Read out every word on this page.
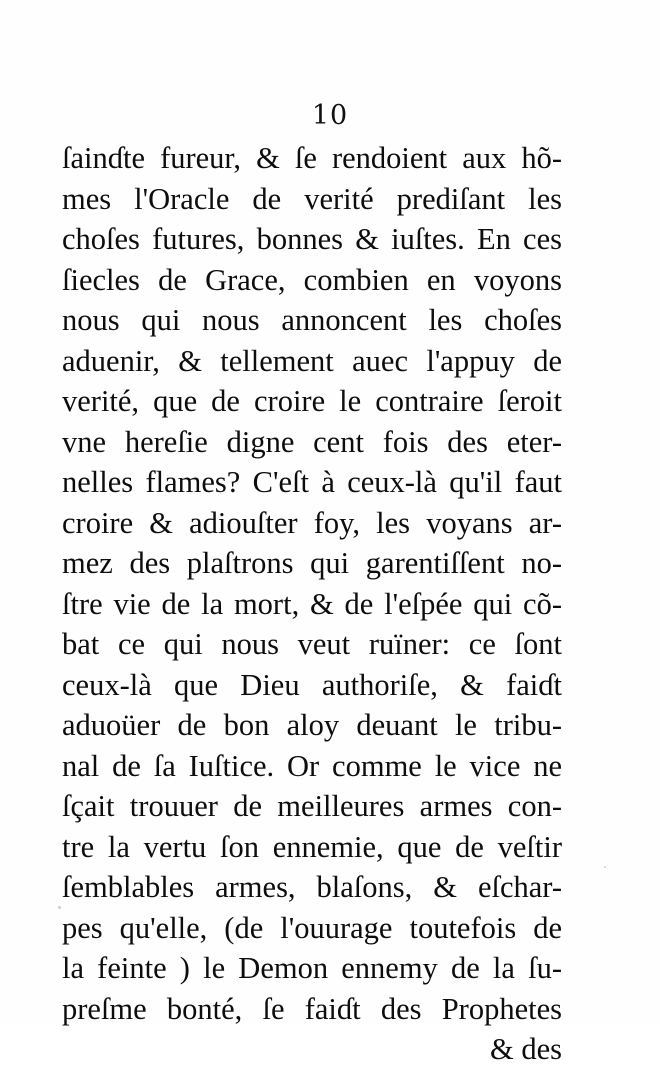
10
ſainɗte fureur, & ſe rendoient aux hõ-
mes l'Oracle de verité prediſant les
choſes futures, bonnes & iuſtes. En ces
ſiecles de Grace, combien en voyons
nous qui nous annoncent les choſes
aduenir, & tellement auec l'appuy de
verité, que de croire le contraire ſeroit
vne hereſie digne cent fois des eter-
nelles flames? C'eſt à ceux-là qu'il faut
croire & adiouſter foy, les voyans ar-
mez des plaſtrons qui garentiſſent no-
ſtre vie de la mort, & de l'eſpée qui cõ-
bat ce qui nous veut ruïner: ce ſont
ceux-là que Dieu authoriſe, & faiɗt
aduoüer de bon aloy deuant le tribu-
nal de ſa Iuſtice. Or comme le vice ne
ſçait trouuer de meilleures armes con-
tre la vertu ſon ennemie, que de veſtir
ſemblables armes, blaſons, & eſchar-
pes qu'elle, (de l'ouurage toutefois de
la feinte ) le Demon ennemy de la ſu-
preſme bonté, ſe faiɗt des Prophetes
& des
